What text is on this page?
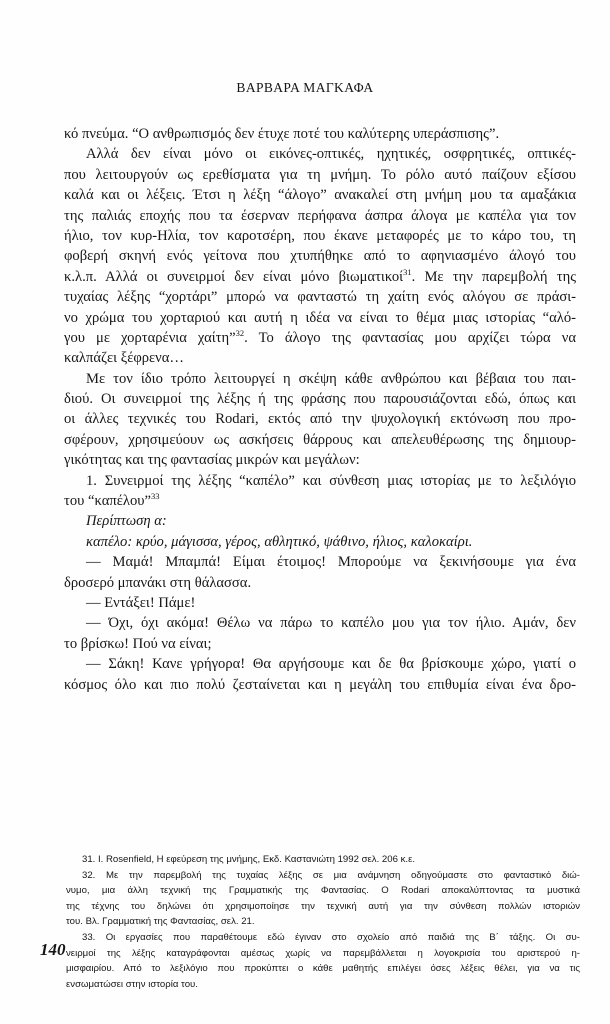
ΒΑΡΒΑΡΑ ΜΑΓΚΑΦΑ
κό πνεύμα. “Ο ανθρωπισμός δεν έτυχε ποτέ του καλύτερης υπεράσπισης”.
Αλλά δεν είναι μόνο οι εικόνες-οπτικές, ηχητικές, οσφρητικές, οπτικές-
που λειτουργούν ως ερεθίσματα για τη μνήμη. Το ρόλο αυτό παίζουν εξίσου
καλά και οι λέξεις. Έτσι η λέξη “άλογο” ανακαλεί στη μνήμη μου τα αμαξάκια
της παλιάς εποχής που τα έσερναν περήφανα άσπρα άλογα με καπέλα για τον
ήλιο, τον κυρ-Ηλία, τον καροτσέρη, που έκανε μεταφορές με το κάρο του, τη
φοβερή σκηνή ενός γείτονα που χτυπήθηκε από το αφηνιασμένο άλογό του
κ.λ.π. Αλλά οι συνειρμοί δεν είναι μόνο βιωματικοί$^{31}$. Με την παρεμβολή της
τυχαίας λέξης “χορτάρι” μπορώ να φανταστώ τη χαίτη ενός αλόγου σε πράσι-
νο χρώμα του χορταριού και αυτή η ιδέα να είναι το θέμα μιας ιστορίας “αλό-
γου με χορταρένια χαίτη”$^{32}$. Το άλογο της φαντασίας μου αρχίζει τώρα να
καλπάζει ξέφρενα…
Με τον ίδιο τρόπο λειτουργεί η σκέψη κάθε ανθρώπου και βέβαια του παι-
διού. Οι συνειρμοί της λέξης ή της φράσης που παρουσιάζονται εδώ, όπως και
οι άλλες τεχνικές του Rodari, εκτός από την ψυχολογική εκτόνωση που προ-
σφέρουν, χρησιμεύουν ως ασκήσεις θάρρους και απελευθέρωσης της δημιουρ-
γικότητας και της φαντασίας μικρών και μεγάλων:
1. Συνειρμοί της λέξης “καπέλο” και σύνθεση μιας ιστορίας με το λεξιλόγιο
του “καπέλου”$^{33}$
Περίπτωση α:
καπέλο: κρύο, μάγισσα, γέρος, αθλητικό, ψάθινο, ήλιος, καλοκαίρι.
— Μαμά! Μπαμπά! Είμαι έτοιμος! Μπορούμε να ξεκινήσουμε για ένα
δροσερό μπανάκι στη θάλασσα.
— Εντάξει! Πάμε!
— Όχι, όχι ακόμα! Θέλω να πάρω το καπέλο μου για τον ήλιο. Αμάν, δεν
το βρίσκω! Πού να είναι;
— Σάκη! Κανε γρήγορα! Θα αργήσουμε και δε θα βρίσκουμε χώρο, γιατί ο
κόσμος όλο και πιο πολύ ζεσταίνεται και η μεγάλη του επιθυμία είναι ένα δρο-
31. I. Rosenfield, Η εφεύρεση της μνήμης, Εκδ. Καστανιώτη 1992 σελ. 206 κ.ε.
32. Με την παρεμβολή της τυχαίας λέξης σε μια ανάμνηση οδηγούμαστε στο φανταστικό διώ-
νυμο, μια άλλη τεχνική της Γραμματικής της Φαντασίας. Ο Rodari αποκαλύπτοντας τα μυστικά
της τέχνης του δηλώνει ότι χρησιμοποίησε την τεχνική αυτή για την σύνθεση πολλών ιστοριών
του. Βλ. Γραμματική της Φαντασίας, σελ. 21.
33. Οι εργασίες που παραθέτουμε εδώ έγιναν στο σχολείο από παιδιά της Β΄ τάξης. Οι συ-
νειρμοί της λέξης καταγράφονται αμέσως χωρίς να παρεμβάλλεται η λογοκρισία του αριστερού η-
μισφαιρίου. Από το λεξιλόγιο που προκύπτει ο κάθε μαθητής επιλέγει όσες λέξεις θέλει, για να τις
ενσωματώσει στην ιστορία του.
140
